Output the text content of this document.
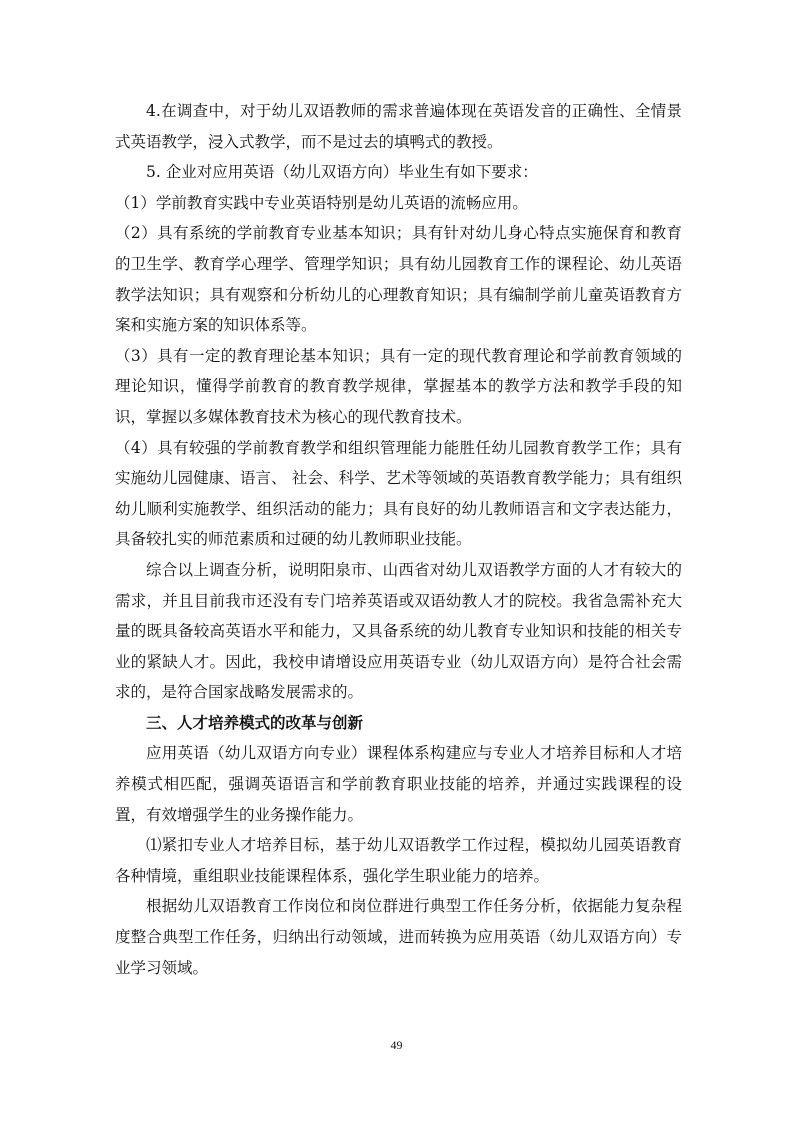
4.在调查中，对于幼儿双语教师的需求普遍体现在英语发音的正确性、全情景式英语教学，浸入式教学，而不是过去的填鸭式的教授。

5. 企业对应用英语（幼儿双语方向）毕业生有如下要求：

（1）学前教育实践中专业英语特别是幼儿英语的流畅应用。

（2）具有系统的学前教育专业基本知识；具有针对幼儿身心特点实施保育和教育的卫生学、教育学心理学、管理学知识；具有幼儿园教育工作的课程论、幼儿英语教学法知识；具有观察和分析幼儿的心理教育知识；具有编制学前儿童英语教育方案和实施方案的知识体系等。

（3）具有一定的教育理论基本知识；具有一定的现代教育理论和学前教育领域的理论知识，懂得学前教育的教育教学规律，掌握基本的教学方法和教学手段的知识，掌握以多媒体教育技术为核心的现代教育技术。

（4）具有较强的学前教育教学和组织管理能力能胜任幼儿园教育教学工作；具有实施幼儿园健康、语言、 社会、科学、艺术等领域的英语教育教学能力；具有组织幼儿顺利实施教学、组织活动的能力；具有良好的幼儿教师语言和文字表达能力，具备较扎实的师范素质和过硬的幼儿教师职业技能。

综合以上调查分析，说明阳泉市、山西省对幼儿双语教学方面的人才有较大的需求，并且目前我市还没有专门培养英语或双语幼教人才的院校。我省急需补充大量的既具备较高英语水平和能力，又具备系统的幼儿教育专业知识和技能的相关专业的紧缺人才。因此，我校申请增设应用英语专业（幼儿双语方向）是符合社会需求的，是符合国家战略发展需求的。

三、人才培养模式的改革与创新

应用英语（幼儿双语方向专业）课程体系构建应与专业人才培养目标和人才培养模式相匹配，强调英语语言和学前教育职业技能的培养，并通过实践课程的设置，有效增强学生的业务操作能力。

⑴紧扣专业人才培养目标，基于幼儿双语教学工作过程，模拟幼儿园英语教育各种情境，重组职业技能课程体系，强化学生职业能力的培养。

根据幼儿双语教育工作岗位和岗位群进行典型工作任务分析，依据能力复杂程度整合典型工作任务，归纳出行动领域，进而转换为应用英语（幼儿双语方向）专业学习领域。

49
